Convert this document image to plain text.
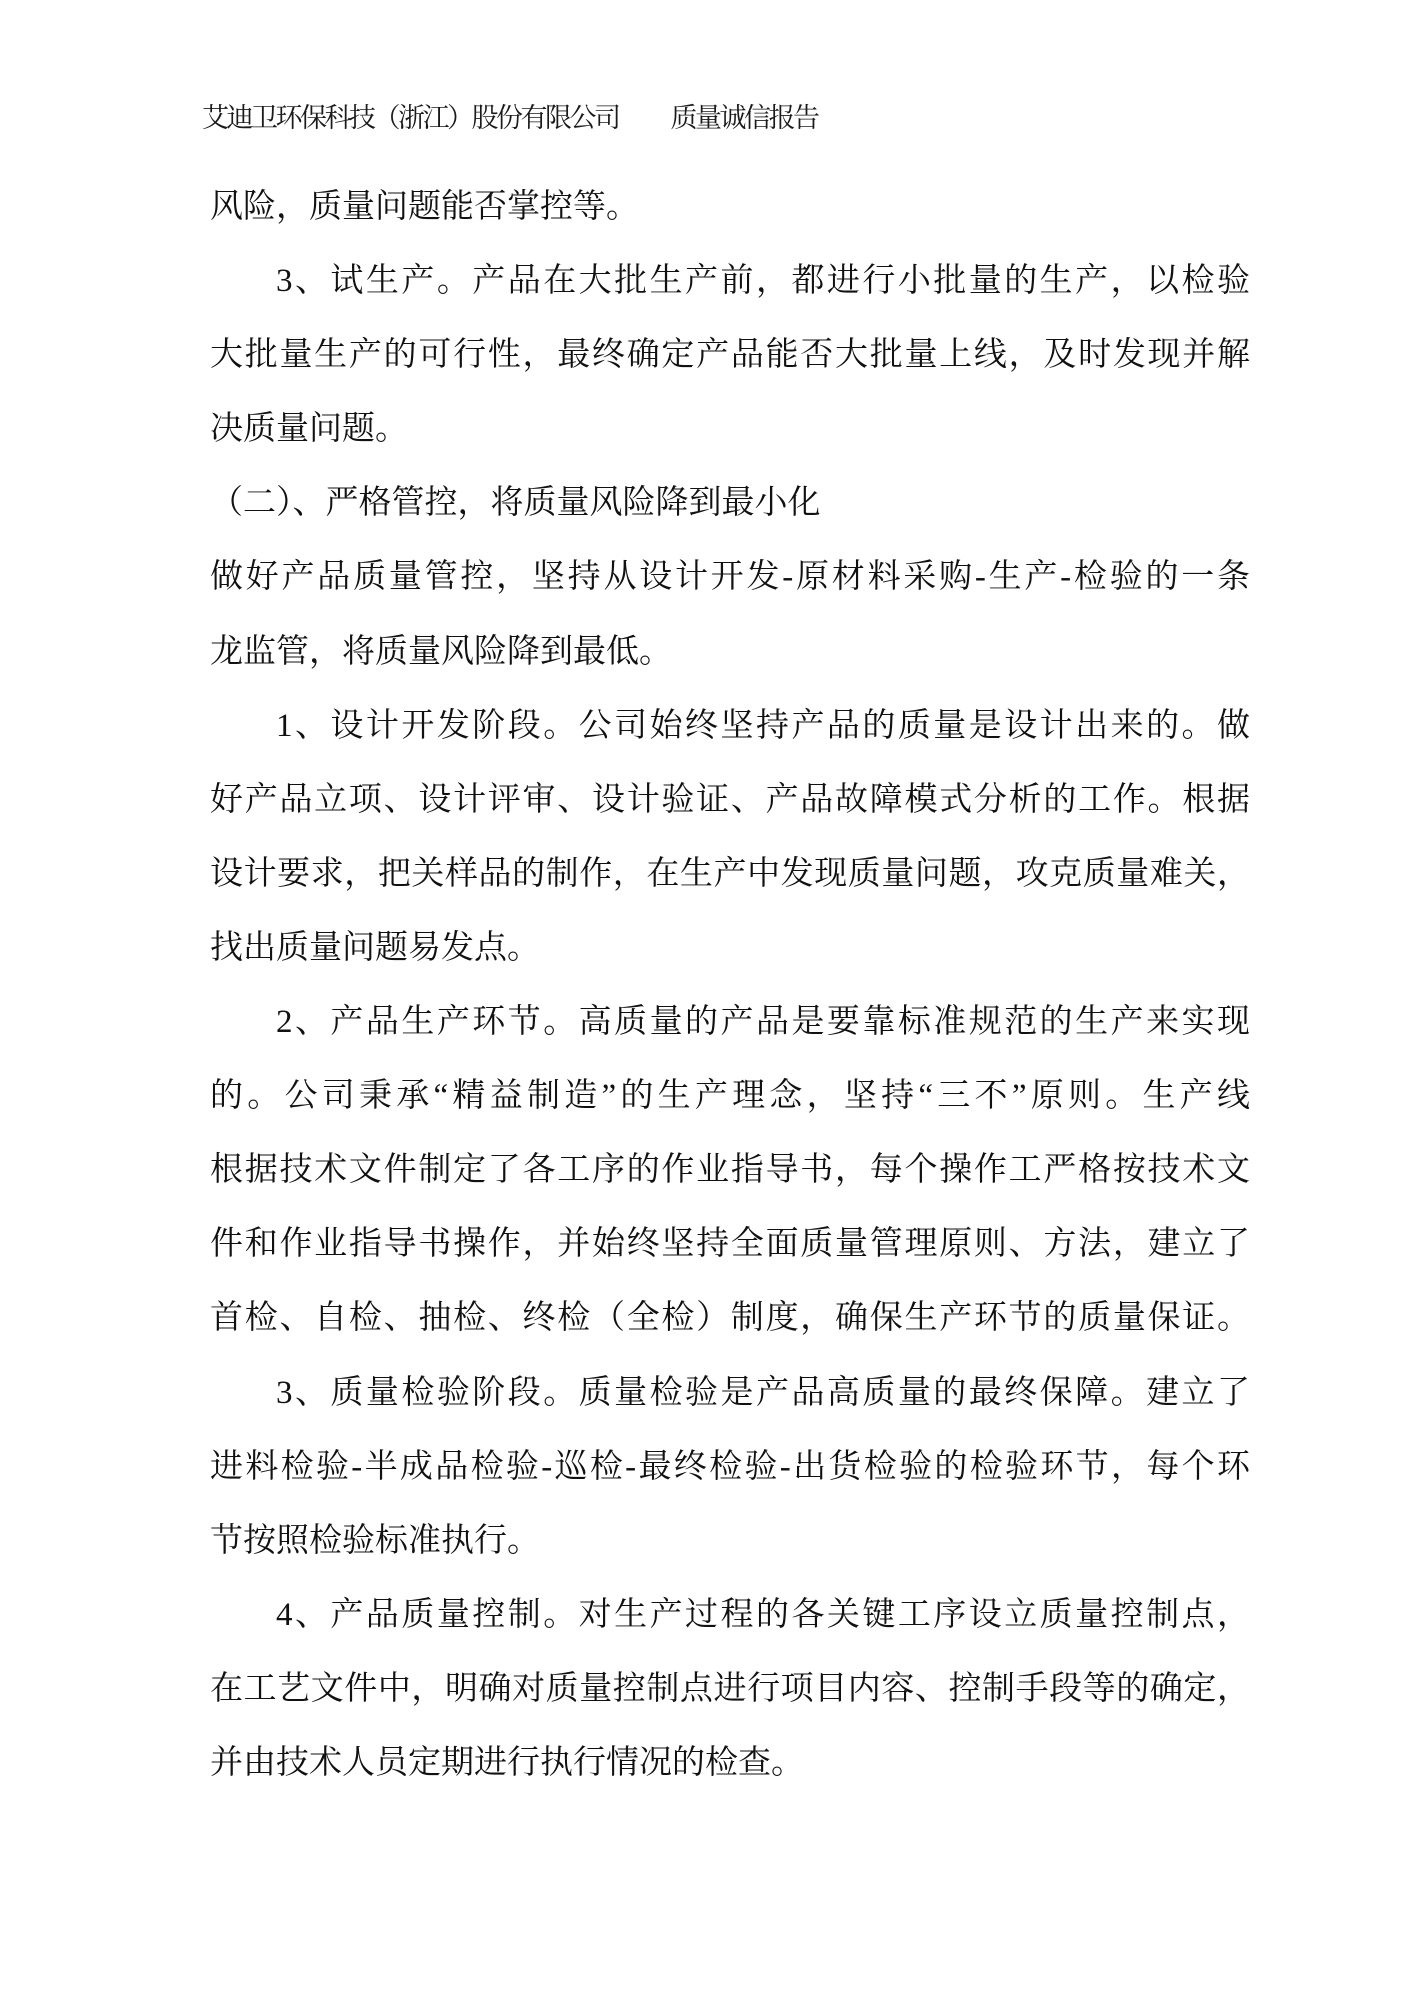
艾迪卫环保科技（浙江）股份有限公司 质量诚信报告
风险，质量问题能否掌控等。
3、试生产。产品在大批生产前，都进行小批量的生产，以检验
大批量生产的可行性，最终确定产品能否大批量上线，及时发现并解
决质量问题。
（二）、严格管控，将质量风险降到最小化
做好产品质量管控，坚持从设计开发-原材料采购-生产-检验的一条
龙监管，将质量风险降到最低。
1、设计开发阶段。公司始终坚持产品的质量是设计出来的。做
好产品立项、设计评审、设计验证、产品故障模式分析的工作。根据
设计要求，把关样品的制作，在生产中发现质量问题，攻克质量难关，
找出质量问题易发点。
2、产品生产环节。高质量的产品是要靠标准规范的生产来实现
的。公司秉承“精益制造”的生产理念，坚持“三不”原则。生产线
根据技术文件制定了各工序的作业指导书，每个操作工严格按技术文
件和作业指导书操作，并始终坚持全面质量管理原则、方法，建立了
首检、自检、抽检、终检（全检）制度，确保生产环节的质量保证。
3、质量检验阶段。质量检验是产品高质量的最终保障。建立了
进料检验-半成品检验-巡检-最终检验-出货检验的检验环节，每个环
节按照检验标准执行。
4、产品质量控制。对生产过程的各关键工序设立质量控制点，
在工艺文件中，明确对质量控制点进行项目内容、控制手段等的确定，
并由技术人员定期进行执行情况的检查。
